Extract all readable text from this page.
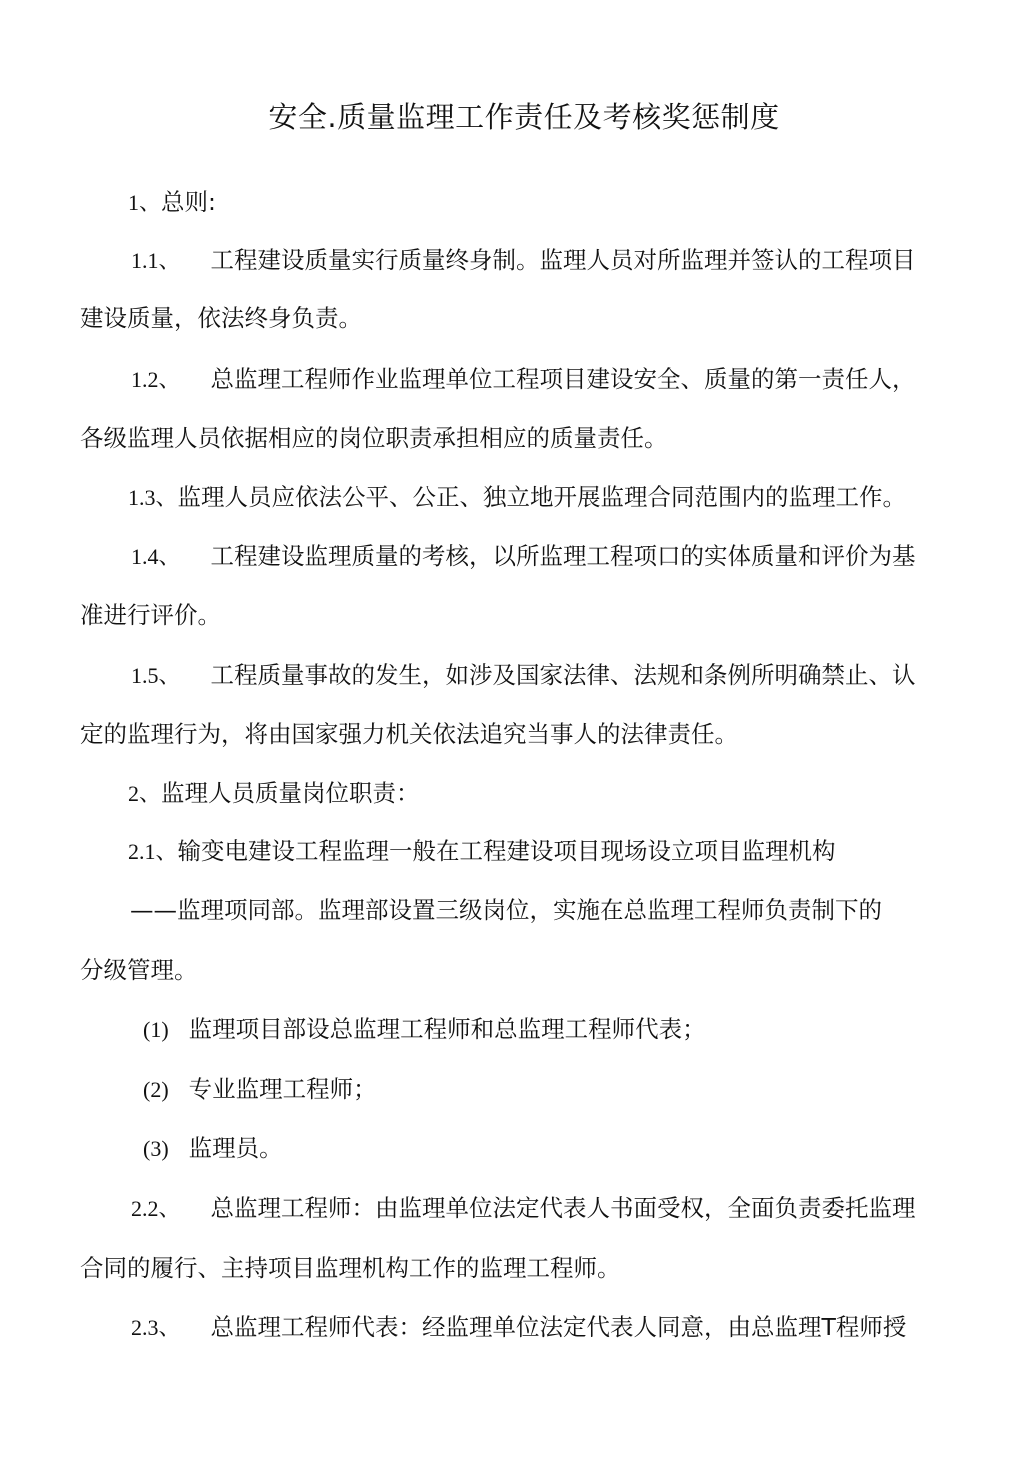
安全.质量监理工作责任及考核奖惩制度
1、总则:
1.1、 工程建设质量实行质量终身制。监理人员对所监理并签认的工程项目
建设质量，依法终身负责。
1.2、 总监理工程师作业监理单位工程项目建设安全、质量的第一责任人，
各级监理人员依据相应的岗位职责承担相应的质量责任。
1.3、监理人员应依法公平、公正、独立地开展监理合同范围内的监理工作。
1.4、 工程建设监理质量的考核，以所监理工程项口的实体质量和评价为基
准进行评价。
1.5、 工程质量事故的发生，如涉及国家法律、法规和条例所明确禁止、认
定的监理行为，将由国家强力机关依法追究当事人的法律责任。
2、监理人员质量岗位职责：
2.1、输变电建设工程监理一般在工程建设项目现场设立项目监理机构
——监理项同部。监理部设置三级岗位，实施在总监理工程师负责制下的
分级管理。
(1) 监理项目部设总监理工程师和总监理工程师代表；
(2) 专业监理工程师；
(3) 监理员。
2.2、 总监理工程师：由监理单位法定代表人书面受权，全面负责委托监理
合同的履行、主持项目监理机构工作的监理工程师。
2.3、 总监理工程师代表：经监理单位法定代表人同意，由总监理T程师授
